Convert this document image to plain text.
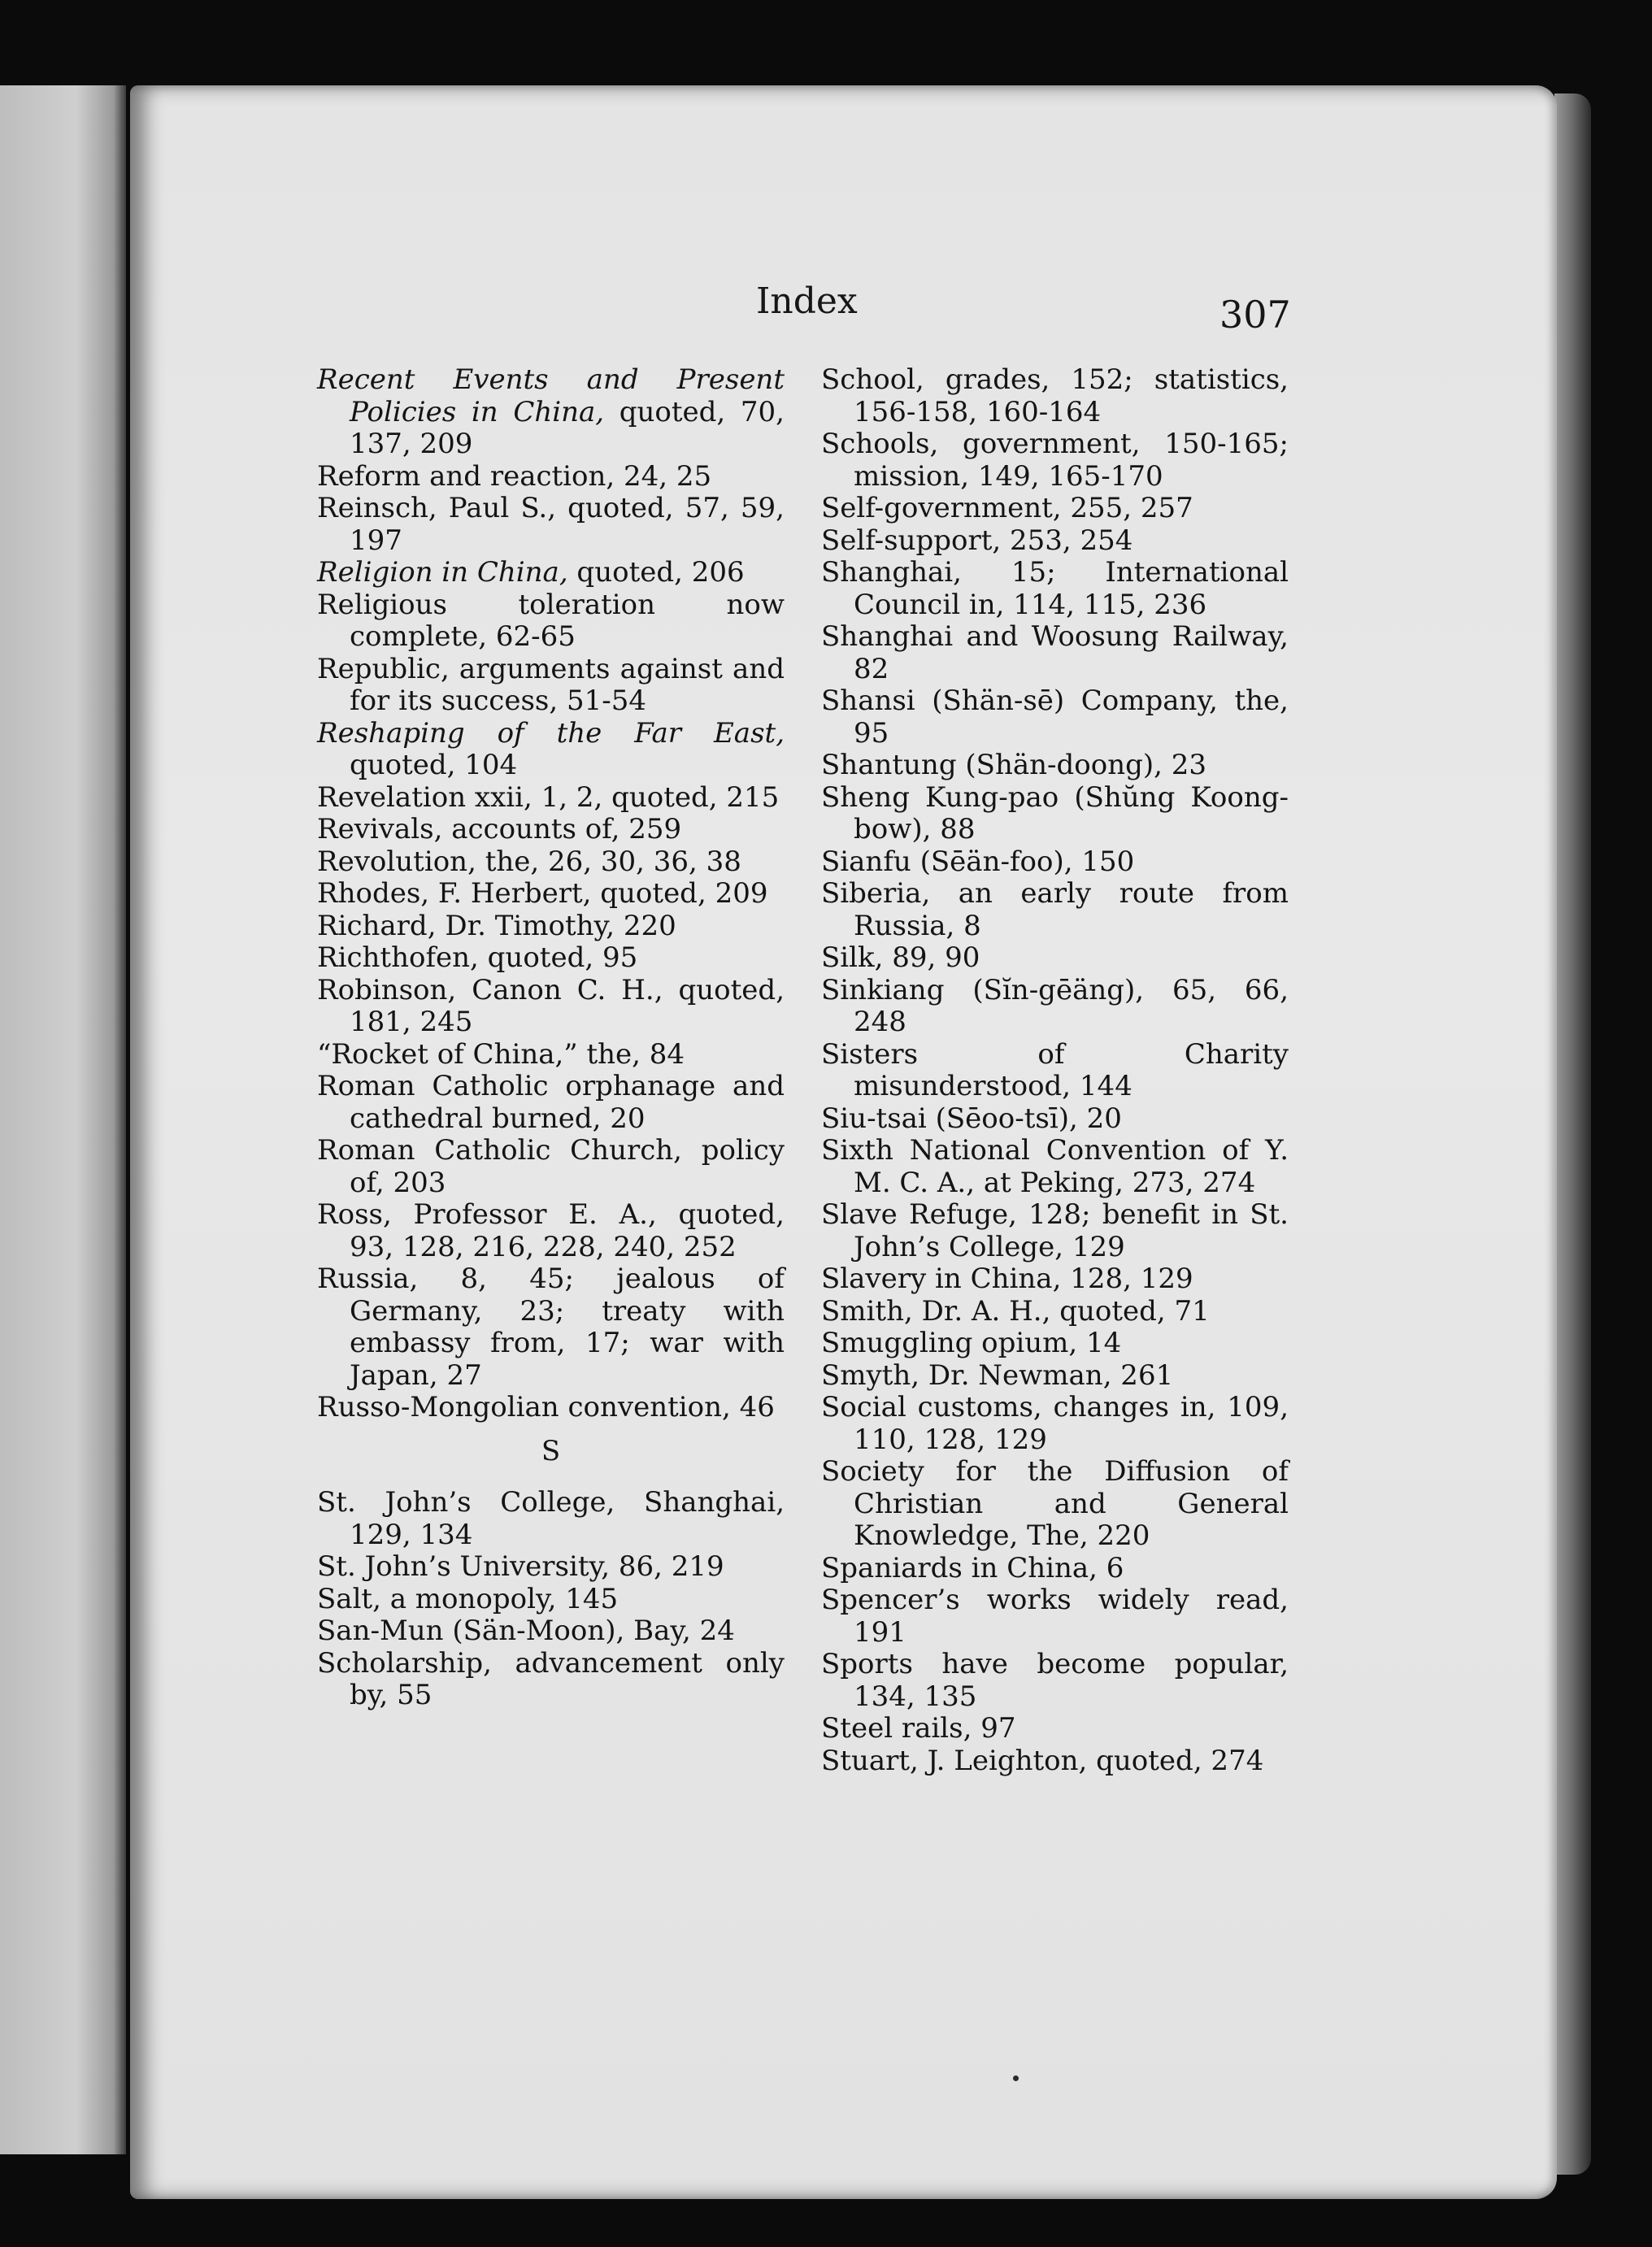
Index	307

Recent Events and Present Policies in China, quoted, 70, 137, 209

Reform and reaction, 24, 25

Reinsch, Paul S., quoted, 57, 59, 197

Religion in China, quoted, 206

Religious toleration now complete, 62-65

Republic, arguments against and for its success, 51-54

Reshaping of the Far East, quoted, 104

Revelation xxii, 1, 2, quoted, 215

Revivals, accounts of, 259

Revolution, the, 26, 30, 36, 38

Rhodes, F. Herbert, quoted, 209

Richard, Dr. Timothy, 220

Richthofen, quoted, 95

Robinson, Canon C. H., quoted, 181, 245

“Rocket of China,” the, 84

Roman Catholic orphanage and cathedral burned, 20

Roman Catholic Church, policy of, 203

Ross, Professor E. A., quoted, 93, 128, 216, 228, 240, 252

Russia, 8, 45; jealous of Germany, 23; treaty with embassy from, 17; war with Japan, 27

Russo-Mongolian convention, 46

S

St. John’s College, Shanghai, 129, 134

St. John’s University, 86, 219

Salt, a monopoly, 145

San-Mun (Sän-Moon), Bay, 24

Scholarship, advancement only by, 55

School, grades, 152; statistics, 156-158, 160-164

Schools, government, 150-165; mission, 149, 165-170

Self-government, 255, 257

Self-support, 253, 254

Shanghai, 15; International Council in, 114, 115, 236

Shanghai and Woosung Railway, 82

Shansi (Shän-sē) Company, the, 95

Shantung (Shän-doong), 23

Sheng Kung-pao (Shŭng Koong-bow), 88

Sianfu (Sēän-foo), 150

Siberia, an early route from Russia, 8

Silk, 89, 90

Sinkiang (Sĭn-gēäng), 65, 66, 248

Sisters of Charity misunderstood, 144

Siu-tsai (Sēoo-tsī), 20

Sixth National Convention of Y. M. C. A., at Peking, 273, 274

Slave Refuge, 128; benefit in St. John’s College, 129

Slavery in China, 128, 129

Smith, Dr. A. H., quoted, 71

Smuggling opium, 14

Smyth, Dr. Newman, 261

Social customs, changes in, 109, 110, 128, 129

Society for the Diffusion of Christian and General Knowledge, The, 220

Spaniards in China, 6

Spencer’s works widely read, 191

Sports have become popular, 134, 135

Steel rails, 97

Stuart, J. Leighton, quoted, 274
